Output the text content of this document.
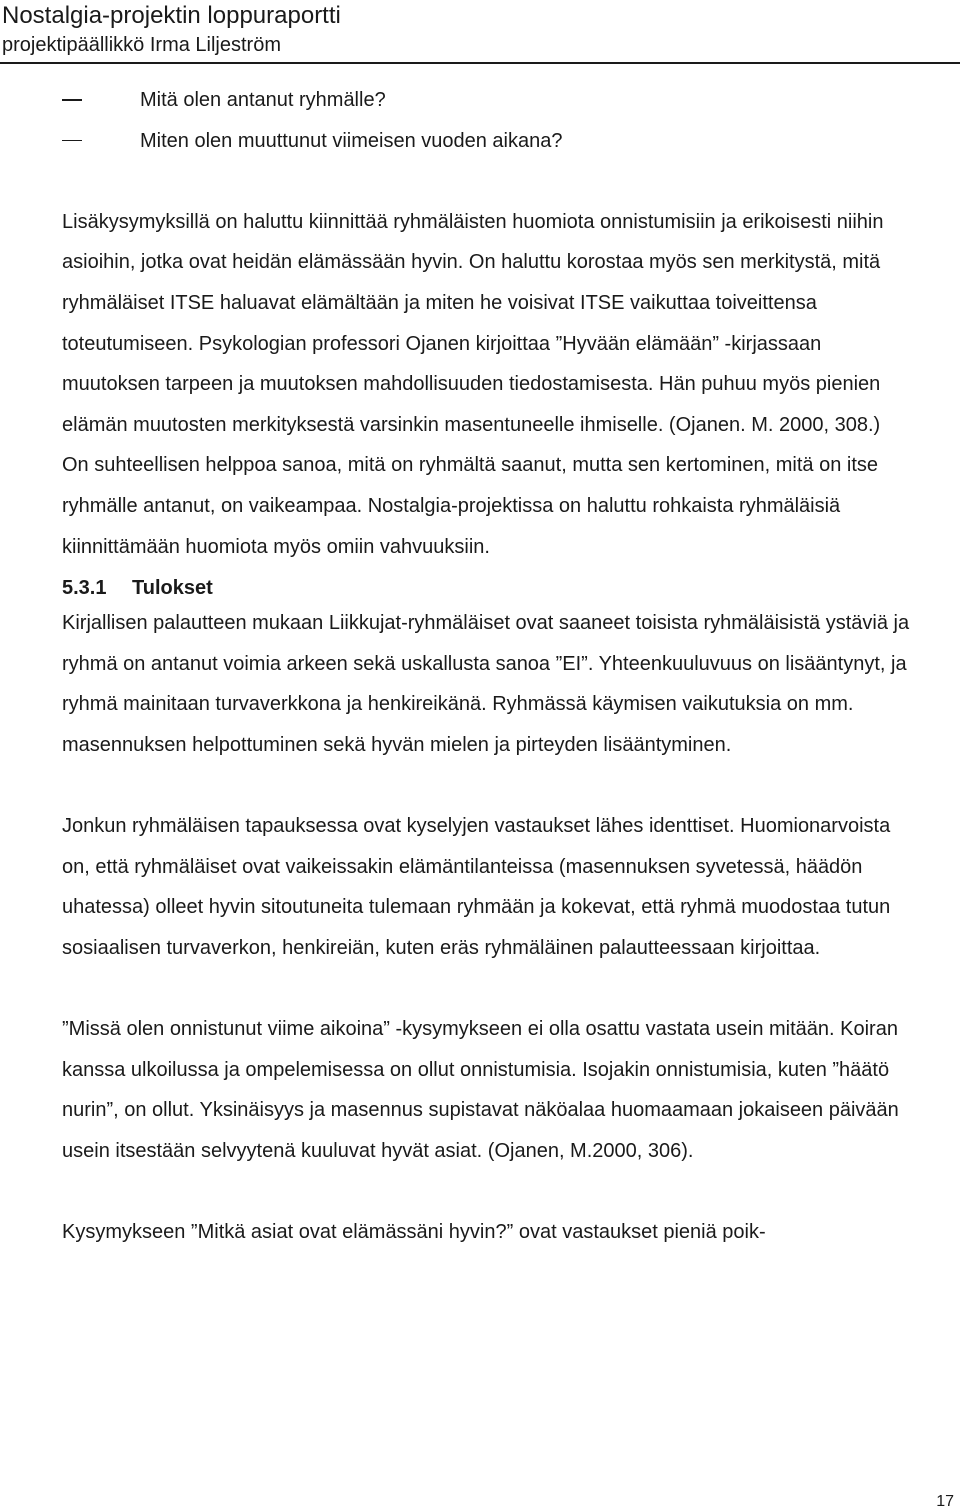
Nostalgia-projektin loppuraportti
projektipäällikkö Irma Liljeström
Mitä olen antanut ryhmälle?
Miten olen muuttunut viimeisen vuoden aikana?

Lisäkysymyksillä on haluttu kiinnittää ryhmäläisten huomiota onnistumisiin ja erikoisesti niihin asioihin, jotka ovat heidän elämässään hyvin. On haluttu korostaa myös sen merkitystä, mitä ryhmäläiset ITSE haluavat elämältään ja miten he voisivat ITSE vaikuttaa toiveittensa toteutumiseen. Psykologian professori Ojanen kirjoittaa ”Hyvään elämään” -kirjassaan muutoksen tarpeen ja muutoksen mahdollisuuden tiedostamisesta. Hän puhuu myös pienien elämän muutosten merkityksestä varsinkin masentuneelle ihmiselle. (Ojanen. M. 2000, 308.) On suhteellisen helppoa sanoa, mitä on ryhmältä saanut, mutta sen kertominen, mitä on itse ryhmälle antanut, on vaikeampaa. Nostalgia-projektissa on haluttu rohkaista ryhmäläisiä kiinnittämään huomiota myös omiin vahvuuksiin.

5.3.1 Tulokset

Kirjallisen palautteen mukaan Liikkujat-ryhmäläiset ovat saaneet toisista ryhmäläisistä ystäviä ja ryhmä on antanut voimia arkeen sekä uskallusta sanoa ”EI”. Yhteenkuuluvuus on lisääntynyt, ja ryhmä mainitaan turvaverkkona ja henkireikänä. Ryhmässä käymisen vaikutuksia on mm. masennuksen helpottuminen sekä hyvän mielen ja pirteyden lisääntyminen.

Jonkun ryhmäläisen tapauksessa ovat kyselyjen vastaukset lähes identtiset. Huomionarvoista on, että ryhmäläiset ovat vaikeissakin elämäntilanteissa (masennuksen syvetessä, häädön uhatessa) olleet hyvin sitoutuneita tulemaan ryhmään ja kokevat, että ryhmä muodostaa tutun sosiaalisen turvaverkon, henkireiän, kuten eräs ryhmäläinen palautteessaan kirjoittaa.

”Missä olen onnistunut viime aikoina” -kysymykseen ei olla osattu vastata usein mitään. Koiran kanssa ulkoilussa ja ompelemisessa on ollut onnistumisia. Isojakin onnistumisia, kuten ”häätö nurin”, on ollut. Yksinäisyys ja masennus supistavat näköalaa huomaamaan jokaiseen päivään usein itsestään selvyytenä kuuluvat hyvät asiat. (Ojanen, M.2000, 306).

Kysymykseen ”Mitkä asiat ovat elämässäni hyvin?” ovat vastaukset pieniä poik-

17
